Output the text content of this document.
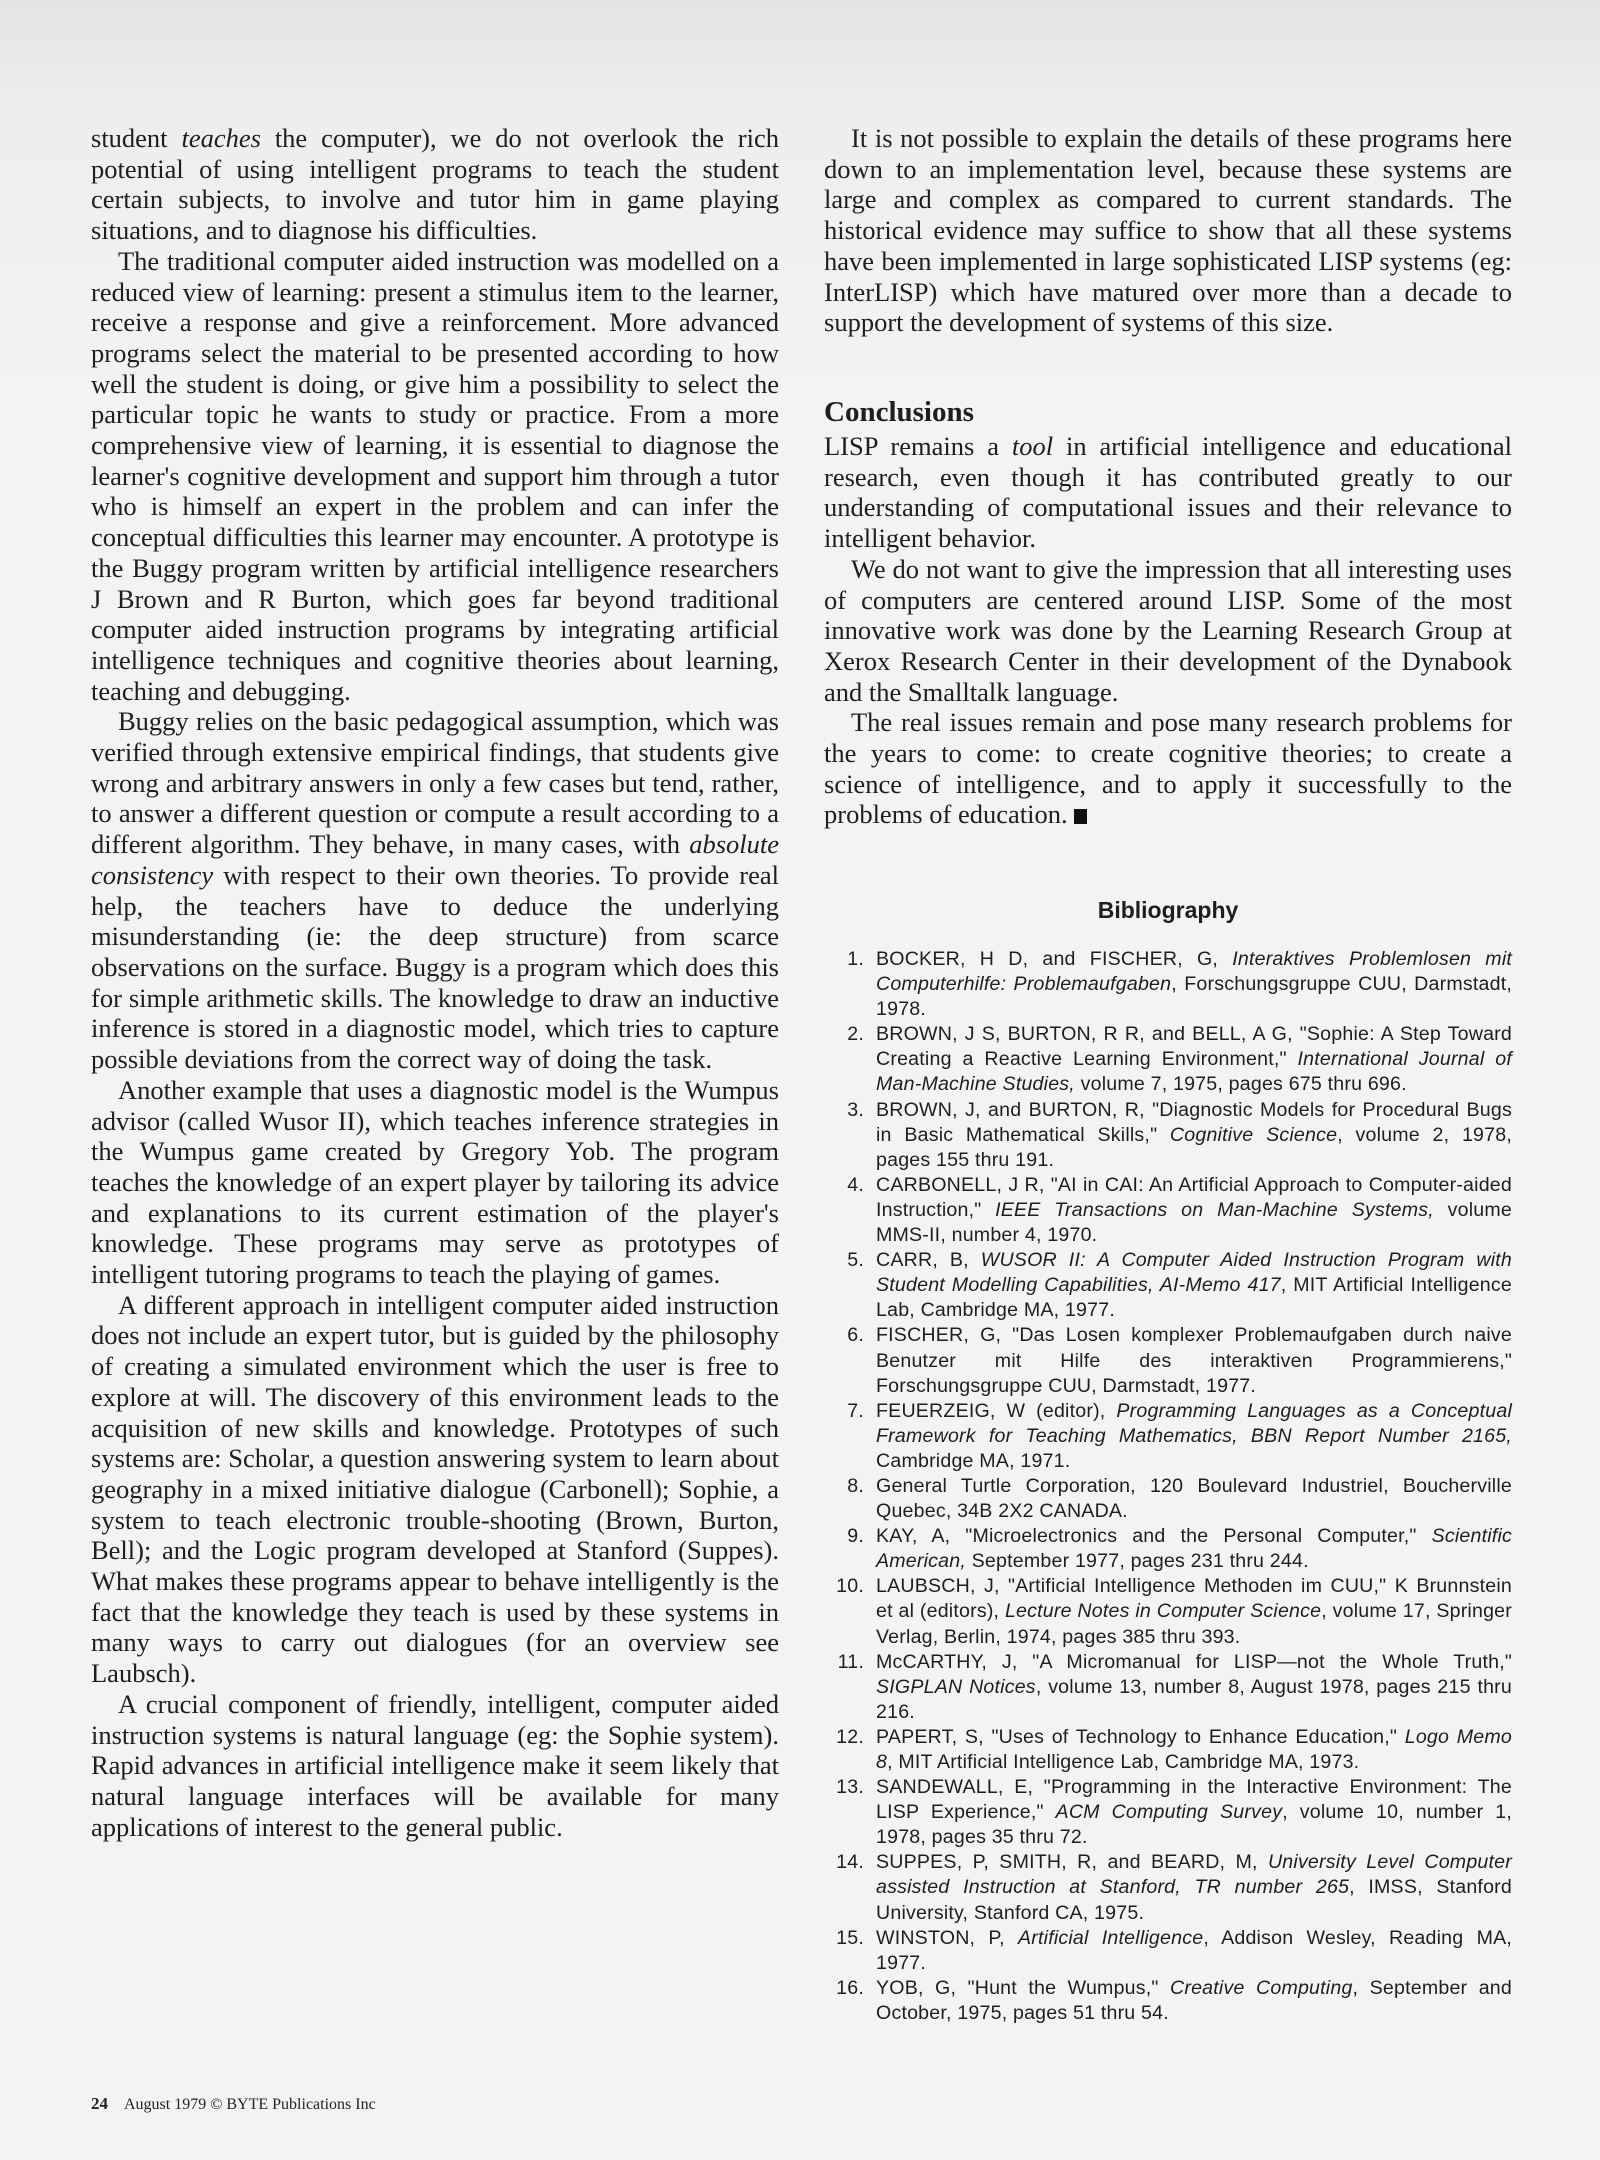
student teaches the computer), we do not overlook the rich potential of using intelligent programs to teach the student certain subjects, to involve and tutor him in game playing situations, and to diagnose his difficulties.

The traditional computer aided instruction was modelled on a reduced view of learning: present a stimulus item to the learner, receive a response and give a reinforcement. More advanced programs select the material to be presented according to how well the student is doing, or give him a possibility to select the particular topic he wants to study or practice. From a more comprehensive view of learning, it is essential to diagnose the learner's cognitive development and support him through a tutor who is himself an expert in the problem and can infer the conceptual difficulties this learner may encounter. A prototype is the Buggy program written by artificial intelligence researchers J Brown and R Burton, which goes far beyond traditional computer aided instruction programs by integrating artificial intelligence techniques and cognitive theories about learning, teaching and debugging.

Buggy relies on the basic pedagogical assumption, which was verified through extensive empirical findings, that students give wrong and arbitrary answers in only a few cases but tend, rather, to answer a different question or compute a result according to a different algorithm. They behave, in many cases, with absolute consistency with respect to their own theories. To provide real help, the teachers have to deduce the underlying misunderstanding (ie: the deep structure) from scarce observations on the surface. Buggy is a program which does this for simple arithmetic skills. The knowledge to draw an inductive inference is stored in a diagnostic model, which tries to capture possible deviations from the correct way of doing the task.

Another example that uses a diagnostic model is the Wumpus advisor (called Wusor II), which teaches inference strategies in the Wumpus game created by Gregory Yob. The program teaches the knowledge of an expert player by tailoring its advice and explanations to its current estimation of the player's knowledge. These programs may serve as prototypes of intelligent tutoring programs to teach the playing of games.

A different approach in intelligent computer aided instruction does not include an expert tutor, but is guided by the philosophy of creating a simulated environment which the user is free to explore at will. The discovery of this environment leads to the acquisition of new skills and knowledge. Prototypes of such systems are: Scholar, a question answering system to learn about geography in a mixed initiative dialogue (Carbonell); Sophie, a system to teach electronic trouble-shooting (Brown, Burton, Bell); and the Logic program developed at Stanford (Suppes). What makes these programs appear to behave intelligently is the fact that the knowledge they teach is used by these systems in many ways to carry out dialogues (for an overview see Laubsch).

A crucial component of friendly, intelligent, computer aided instruction systems is natural language (eg: the Sophie system). Rapid advances in artificial intelligence make it seem likely that natural language interfaces will be available for many applications of interest to the general public.

It is not possible to explain the details of these programs here down to an implementation level, because these systems are large and complex as compared to current standards. The historical evidence may suffice to show that all these systems have been implemented in large sophisticated LISP systems (eg: InterLISP) which have matured over more than a decade to support the development of systems of this size.

Conclusions

LISP remains a tool in artificial intelligence and educational research, even though it has contributed greatly to our understanding of computational issues and their relevance to intelligent behavior.

We do not want to give the impression that all interesting uses of computers are centered around LISP. Some of the most innovative work was done by the Learning Research Group at Xerox Research Center in their development of the Dynabook and the Smalltalk language.

The real issues remain and pose many research problems for the years to come: to create cognitive theories; to create a science of intelligence, and to apply it successfully to the problems of education.

Bibliography
1. BOCKER, H D, and FISCHER, G, Interaktives Problemlosen mit Computerhilfe: Problemaufgaben, Forschungsgruppe CUU, Darmstadt, 1978.
2. BROWN, J S, BURTON, R R, and BELL, A G, "Sophie: A Step Toward Creating a Reactive Learning Environment," International Journal of Man-Machine Studies, volume 7, 1975, pages 675 thru 696.
3. BROWN, J, and BURTON, R, "Diagnostic Models for Procedural Bugs in Basic Mathematical Skills," Cognitive Science, volume 2, 1978, pages 155 thru 191.
4. CARBONELL, J R, "AI in CAI: An Artificial Approach to Computer-aided Instruction," IEEE Transactions on Man-Machine Systems, volume MMS-II, number 4, 1970.
5. CARR, B, WUSOR II: A Computer Aided Instruction Program with Student Modelling Capabilities, AI-Memo 417, MIT Artificial Intelligence Lab, Cambridge MA, 1977.
6. FISCHER, G, "Das Losen komplexer Problemaufgaben durch naive Benutzer mit Hilfe des interaktiven Programmierens," Forschungsgruppe CUU, Darmstadt, 1977.
7. FEUERZEIG, W (editor), Programming Languages as a Conceptual Framework for Teaching Mathematics, BBN Report Number 2165, Cambridge MA, 1971.
8. General Turtle Corporation, 120 Boulevard Industriel, Boucherville Quebec, 34B 2X2 CANADA.
9. KAY, A, "Microelectronics and the Personal Computer," Scientific American, September 1977, pages 231 thru 244.
10. LAUBSCH, J, "Artificial Intelligence Methoden im CUU," K Brunnstein et al (editors), Lecture Notes in Computer Science, volume 17, Springer Verlag, Berlin, 1974, pages 385 thru 393.
11. McCARTHY, J, "A Micromanual for LISP—not the Whole Truth," SIGPLAN Notices, volume 13, number 8, August 1978, pages 215 thru 216.
12. PAPERT, S, "Uses of Technology to Enhance Education," Logo Memo 8, MIT Artificial Intelligence Lab, Cambridge MA, 1973.
13. SANDEWALL, E, "Programming in the Interactive Environment: The LISP Experience," ACM Computing Survey, volume 10, number 1, 1978, pages 35 thru 72.
14. SUPPES, P, SMITH, R, and BEARD, M, University Level Computer assisted Instruction at Stanford, TR number 265, IMSS, Stanford University, Stanford CA, 1975.
15. WINSTON, P, Artificial Intelligence, Addison Wesley, Reading MA, 1977.
16. YOB, G, "Hunt the Wumpus," Creative Computing, September and October, 1975, pages 51 thru 54.
24 August 1979 © BYTE Publications Inc
